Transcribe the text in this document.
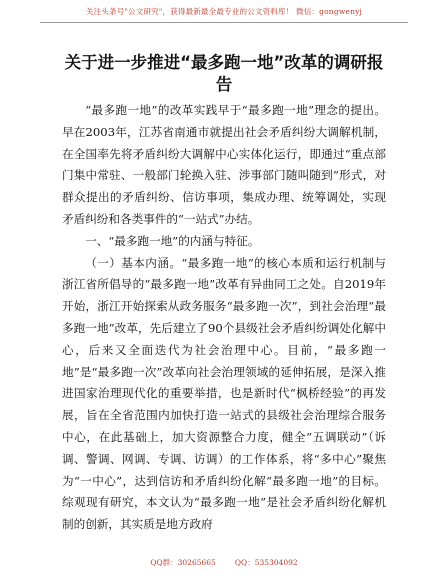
关注头条号"公文研究"，获得最新最全最专业的公文资料库！ 微信：gongwenyj
关于进一步推进“最多跑一地”改革的调研报告

“最多跑一地”的改革实践早于“最多跑一地”理念的提出。早在2003年，江苏省南通市就提出社会矛盾纠纷大调解机制，在全国率先将矛盾纠纷大调解中心实体化运行，即通过“重点部门集中常驻、一般部门轮换入驻、涉事部门随叫随到”形式，对群众提出的矛盾纠纷、信访事项，集成办理、统筹调处，实现矛盾纠纷和各类事件的“一站式”办结。

一、“最多跑一地”的内涵与特征。

（一）基本内涵。“最多跑一地”的核心本质和运行机制与浙江省所倡导的“最多跑一地”改革有异曲同工之处。自2019年开始，浙江开始探索从政务服务“最多跑一次”，到社会治理“最多跑一地”改革，先后建立了90个县级社会矛盾纠纷调处化解中心，后来又全面迭代为社会治理中心。目前，“最多跑一地”是“最多跑一次”改革向社会治理领域的延伸拓展，是深入推进国家治理现代化的重要举措，也是新时代“枫桥经验”的再发展，旨在全省范围内加快打造一站式的县级社会治理综合服务中心，在此基础上，加大资源整合力度，健全“五调联动”（诉调、警调、网调、专调、访调）的工作体系，将“多中心”聚焦为“一中心”，达到信访和矛盾纠纷化解“最多跑一地”的目标。综观现有研究，本文认为“最多跑一地”是社会矛盾纠纷化解机制的创新，其实质是地方政府

QQ群：30265665	QQ：535304092
